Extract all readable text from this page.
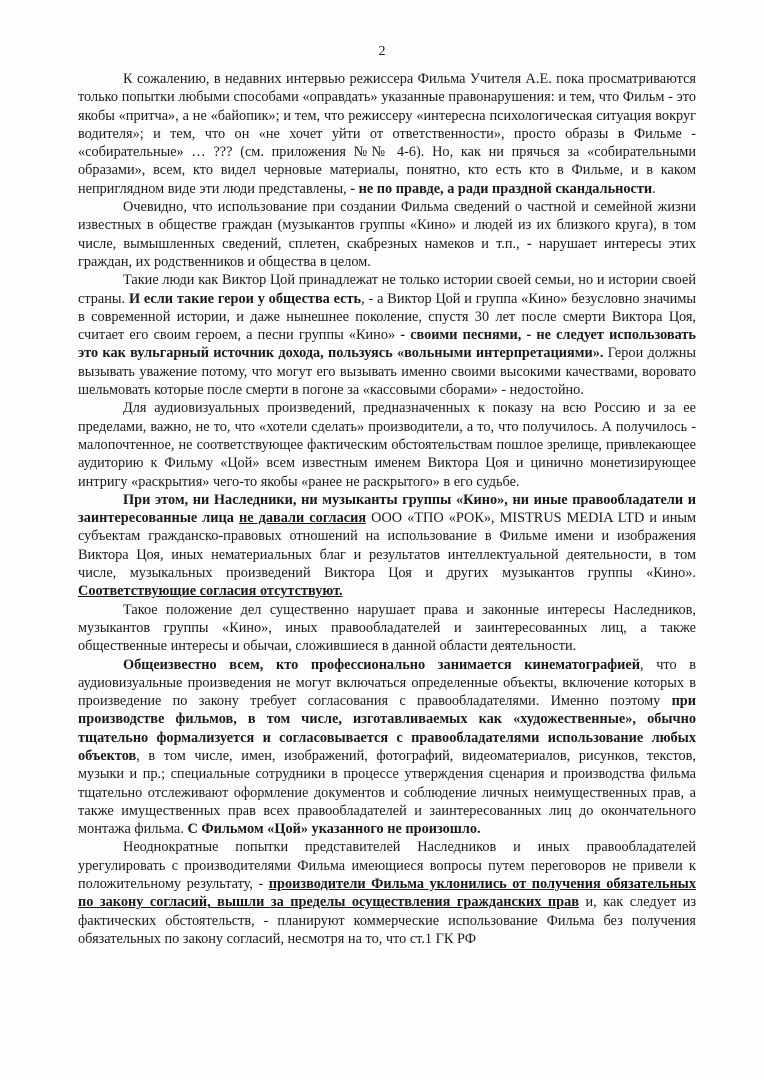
2

К сожалению, в недавних интервью режиссера Фильма Учителя А.Е. пока просматриваются только попытки любыми способами «оправдать» указанные правонарушения: и тем, что Фильм - это якобы «притча», а не «байопик»; и тем, что режиссеру «интересна психологическая ситуация вокруг водителя»; и тем, что он «не хочет уйти от ответственности», просто образы в Фильме - «собирательные» … ??? (см. приложения №№ 4-6). Но, как ни прячься за «собирательными образами», всем, кто видел черновые материалы, понятно, кто есть кто в Фильме, и в каком неприглядном виде эти люди представлены, - не по правде, а ради праздной скандальности.

Очевидно, что использование при создании Фильма сведений о частной и семейной жизни известных в обществе граждан (музыкантов группы «Кино» и людей из их близкого круга), в том числе, вымышленных сведений, сплетен, скабрезных намеков и т.п., - нарушает интересы этих граждан, их родственников и общества в целом.

Такие люди как Виктор Цой принадлежат не только истории своей семьи, но и истории своей страны. И если такие герои у общества есть, - а Виктор Цой и группа «Кино» безусловно значимы в современной истории, и даже нынешнее поколение, спустя 30 лет после смерти Виктора Цоя, считает его своим героем, а песни группы «Кино» - своими песнями, - не следует использовать это как вульгарный источник дохода, пользуясь «вольными интерпретациями». Герои должны вызывать уважение потому, что могут его вызывать именно своими высокими качествами, воровато шельмовать которые после смерти в погоне за «кассовыми сборами» - недостойно.

Для аудиовизуальных произведений, предназначенных к показу на всю Россию и за ее пределами, важно, не то, что «хотели сделать» производители, а то, что получилось. А получилось - малопочтенное, не соответствующее фактическим обстоятельствам пошлое зрелище, привлекающее аудиторию к Фильму «Цой» всем известным именем Виктора Цоя и цинично монетизирующее интригу «раскрытия» чего-то якобы «ранее не раскрытого» в его судьбе.

При этом, ни Наследники, ни музыканты группы «Кино», ни иные правообладатели и заинтересованные лица не давали согласия ООО «ТПО «РОК», MISTRUS MEDIA LTD и иным субъектам гражданско-правовых отношений на использование в Фильме имени и изображения Виктора Цоя, иных нематериальных благ и результатов интеллектуальной деятельности, в том числе, музыкальных произведений Виктора Цоя и других музыкантов группы «Кино». Соответствующие согласия отсутствуют.

Такое положение дел существенно нарушает права и законные интересы Наследников, музыкантов группы «Кино», иных правообладателей и заинтересованных лиц, а также общественные интересы и обычаи, сложившиеся в данной области деятельности.

Общеизвестно всем, кто профессионально занимается кинематографией, что в аудиовизуальные произведения не могут включаться определенные объекты, включение которых в произведение по закону требует согласования с правообладателями. Именно поэтому при производстве фильмов, в том числе, изготавливаемых как «художественные», обычно тщательно формализуется и согласовывается с правообладателями использование любых объектов, в том числе, имен, изображений, фотографий, видеоматериалов, рисунков, текстов, музыки и пр.; специальные сотрудники в процессе утверждения сценария и производства фильма тщательно отслеживают оформление документов и соблюдение личных неимущественных прав, а также имущественных прав всех правообладателей и заинтересованных лиц до окончательного монтажа фильма. С Фильмом «Цой» указанного не произошло.

Неоднократные попытки представителей Наследников и иных правообладателей урегулировать с производителями Фильма имеющиеся вопросы путем переговоров не привели к положительному результату, - производители Фильма уклонились от получения обязательных по закону согласий, вышли за пределы осуществления гражданских прав и, как следует из фактических обстоятельств, - планируют коммерческие использование Фильма без получения обязательных по закону согласий, несмотря на то, что ст.1 ГК РФ
